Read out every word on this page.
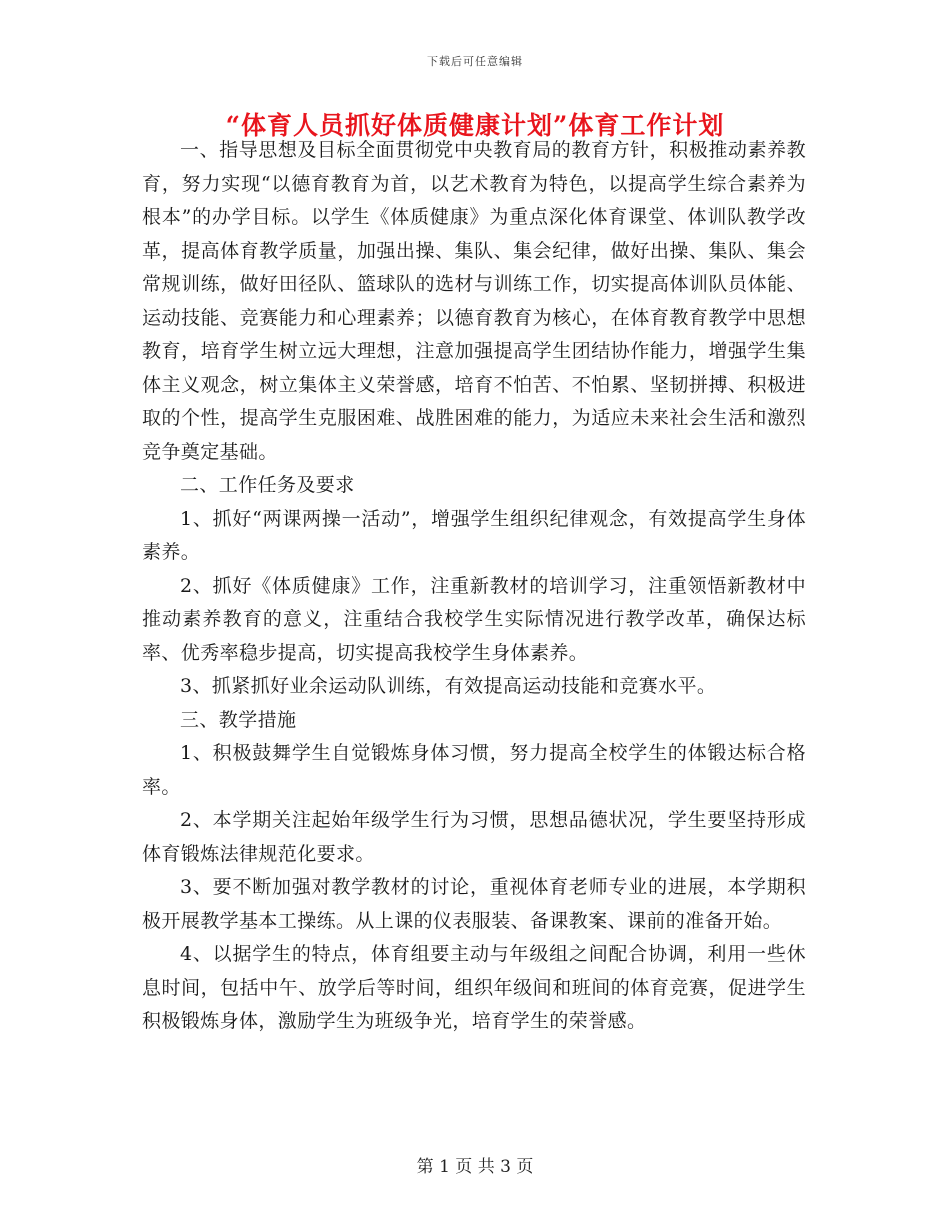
下载后可任意编辑
“体育人员抓好体质健康计划”体育工作计划

一、指导思想及目标全面贯彻党中央教育局的教育方针，积极推动素养教育，努力实现“以德育教育为首，以艺术教育为特色，以提高学生综合素养为根本”的办学目标。以学生《体质健康》为重点深化体育课堂、体训队教学改革，提高体育教学质量，加强出操、集队、集会纪律，做好出操、集队、集会常规训练，做好田径队、篮球队的选材与训练工作，切实提高体训队员体能、运动技能、竞赛能力和心理素养；以德育教育为核心，在体育教育教学中思想教育，培育学生树立远大理想，注意加强提高学生团结协作能力，增强学生集体主义观念，树立集体主义荣誉感，培育不怕苦、不怕累、坚韧拼搏、积极进取的个性，提高学生克服困难、战胜困难的能力，为适应未来社会生活和激烈竞争奠定基础。

二、工作任务及要求

1、抓好“两课两操一活动”，增强学生组织纪律观念，有效提高学生身体素养。

2、抓好《体质健康》工作，注重新教材的培训学习，注重领悟新教材中推动素养教育的意义，注重结合我校学生实际情况进行教学改革，确保达标率、优秀率稳步提高，切实提高我校学生身体素养。

3、抓紧抓好业余运动队训练，有效提高运动技能和竞赛水平。

三、教学措施

1、积极鼓舞学生自觉锻炼身体习惯，努力提高全校学生的体锻达标合格率。

2、本学期关注起始年级学生行为习惯，思想品德状况，学生要坚持形成体育锻炼法律规范化要求。

3、要不断加强对教学教材的讨论，重视体育老师专业的进展，本学期积极开展教学基本工操练。从上课的仪表服装、备课教案、课前的准备开始。

4、以据学生的特点，体育组要主动与年级组之间配合协调，利用一些休息时间，包括中午、放学后等时间，组织年级间和班间的体育竞赛，促进学生积极锻炼身体，激励学生为班级争光，培育学生的荣誉感。

第 1 页 共 3 页
